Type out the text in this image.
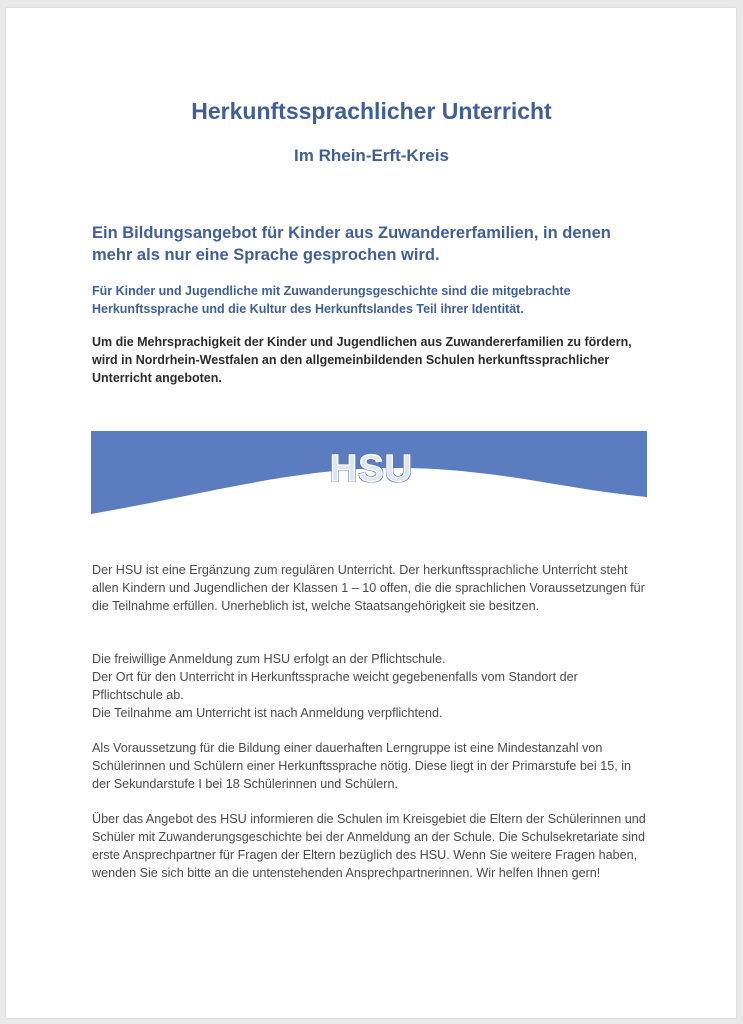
Herkunftssprachlicher Unterricht
Im Rhein-Erft-Kreis

Ein Bildungsangebot für Kinder aus Zuwandererfamilien, in denen mehr als nur eine Sprache gesprochen wird.

Für Kinder und Jugendliche mit Zuwanderungsgeschichte sind die mitgebrachte Herkunftssprache und die Kultur des Herkunftslandes Teil ihrer Identität.

Um die Mehrsprachigkeit der Kinder und Jugendlichen aus Zuwandererfamilien zu fördern, wird in Nordrhein-Westfalen an den allgemeinbildenden Schulen herkunftssprachlicher Unterricht angeboten.

HSU

Der HSU ist eine Ergänzung zum regulären Unterricht. Der herkunftssprachliche Unterricht steht allen Kindern und Jugendlichen der Klassen 1 – 10 offen, die die sprachlichen Voraussetzungen für die Teilnahme erfüllen. Unerheblich ist, welche Staatsangehörigkeit sie besitzen.

Die freiwillige Anmeldung zum HSU erfolgt an der Pflichtschule.
Der Ort für den Unterricht in Herkunftssprache weicht gegebenenfalls vom Standort der Pflichtschule ab.
Die Teilnahme am Unterricht ist nach Anmeldung verpflichtend.

Als Voraussetzung für die Bildung einer dauerhaften Lerngruppe ist eine Mindestanzahl von Schülerinnen und Schülern einer Herkunftssprache nötig. Diese liegt in der Primarstufe bei 15, in der Sekundarstufe I bei 18 Schülerinnen und Schülern.

Über das Angebot des HSU informieren die Schulen im Kreisgebiet die Eltern der Schülerinnen und Schüler mit Zuwanderungsgeschichte bei der Anmeldung an der Schule. Die Schulsekretariate sind erste Ansprechpartner für Fragen der Eltern bezüglich des HSU. Wenn Sie weitere Fragen haben, wenden Sie sich bitte an die untenstehenden Ansprechpartnerinnen. Wir helfen Ihnen gern!
